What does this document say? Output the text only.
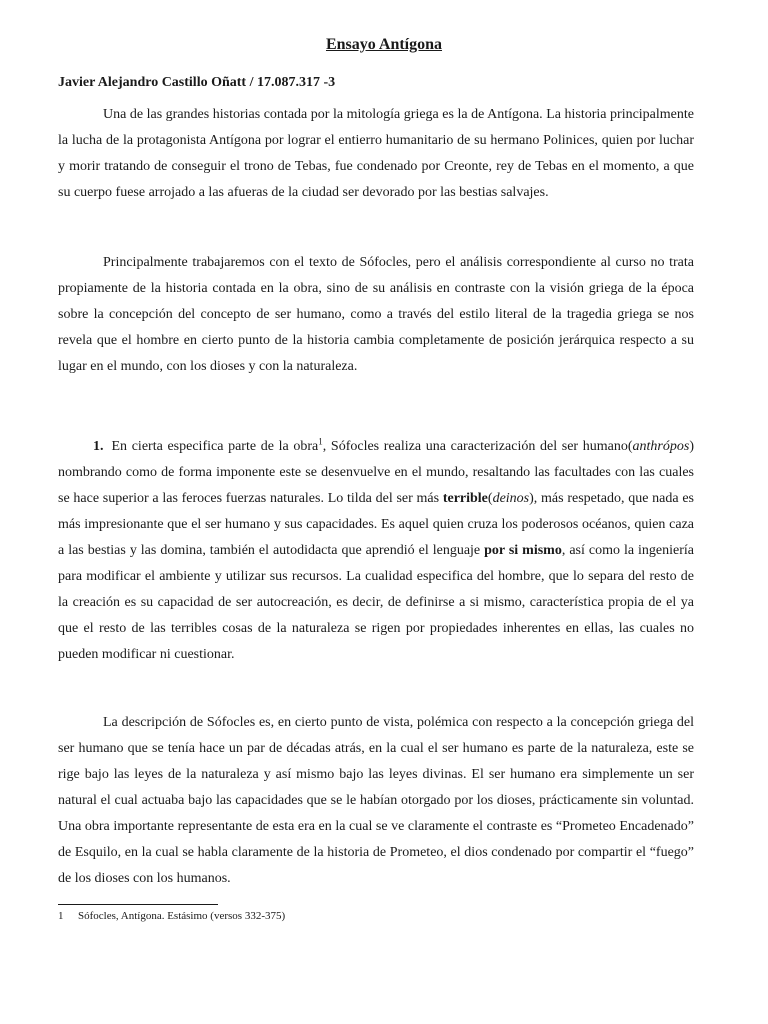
Ensayo Antígona
Javier Alejandro Castillo Oñatt / 17.087.317 -3

Una de las grandes historias contada por la mitología griega es la de Antígona. La historia principalmente la lucha de la protagonista Antígona por lograr el entierro humanitario de su hermano Polinices, quien por luchar y morir tratando de conseguir el trono de Tebas, fue condenado por Creonte, rey de Tebas en el momento, a que su cuerpo fuese arrojado a las afueras de la ciudad ser devorado por las bestias salvajes.

Principalmente trabajaremos con el texto de Sófocles, pero el análisis correspondiente al curso no trata propiamente de la historia contada en la obra, sino de su análisis en contraste con la visión griega de la época sobre la concepción del concepto de ser humano, como a través del estilo literal de la tragedia griega se nos revela que el hombre en cierto punto de la historia cambia completamente de posición jerárquica respecto a su lugar en el mundo, con los dioses y con la naturaleza.

1. En cierta especifica parte de la obra$^1$, Sófocles realiza una caracterización del ser humano(anthrópos) nombrando como de forma imponente este se desenvuelve en el mundo, resaltando las facultades con las cuales se hace superior a las feroces fuerzas naturales. Lo tilda del ser más terrible(deinos), más respetado, que nada es más impresionante que el ser humano y sus capacidades. Es aquel quien cruza los poderosos océanos, quien caza a las bestias y las domina, también el autodidacta que aprendió el lenguaje por si mismo, así como la ingeniería para modificar el ambiente y utilizar sus recursos. La cualidad especifica del hombre, que lo separa del resto de la creación es su capacidad de ser autocreación, es decir, de definirse a si mismo, característica propia de el ya que el resto de las terribles cosas de la naturaleza se rigen por propiedades inherentes en ellas, las cuales no pueden modificar ni cuestionar.

La descripción de Sófocles es, en cierto punto de vista, polémica con respecto a la concepción griega del ser humano que se tenía hace un par de décadas atrás, en la cual el ser humano es parte de la naturaleza, este se rige bajo las leyes de la naturaleza y así mismo bajo las leyes divinas. El ser humano era simplemente un ser natural el cual actuaba bajo las capacidades que se le habían otorgado por los dioses, prácticamente sin voluntad. Una obra importante representante de esta era en la cual se ve claramente el contraste es “Prometeo Encadenado” de Esquilo, en la cual se habla claramente de la historia de Prometeo, el dios condenado por compartir el “fuego” de los dioses con los humanos.

1 Sófocles, Antígona. Estásimo (versos 332-375)
